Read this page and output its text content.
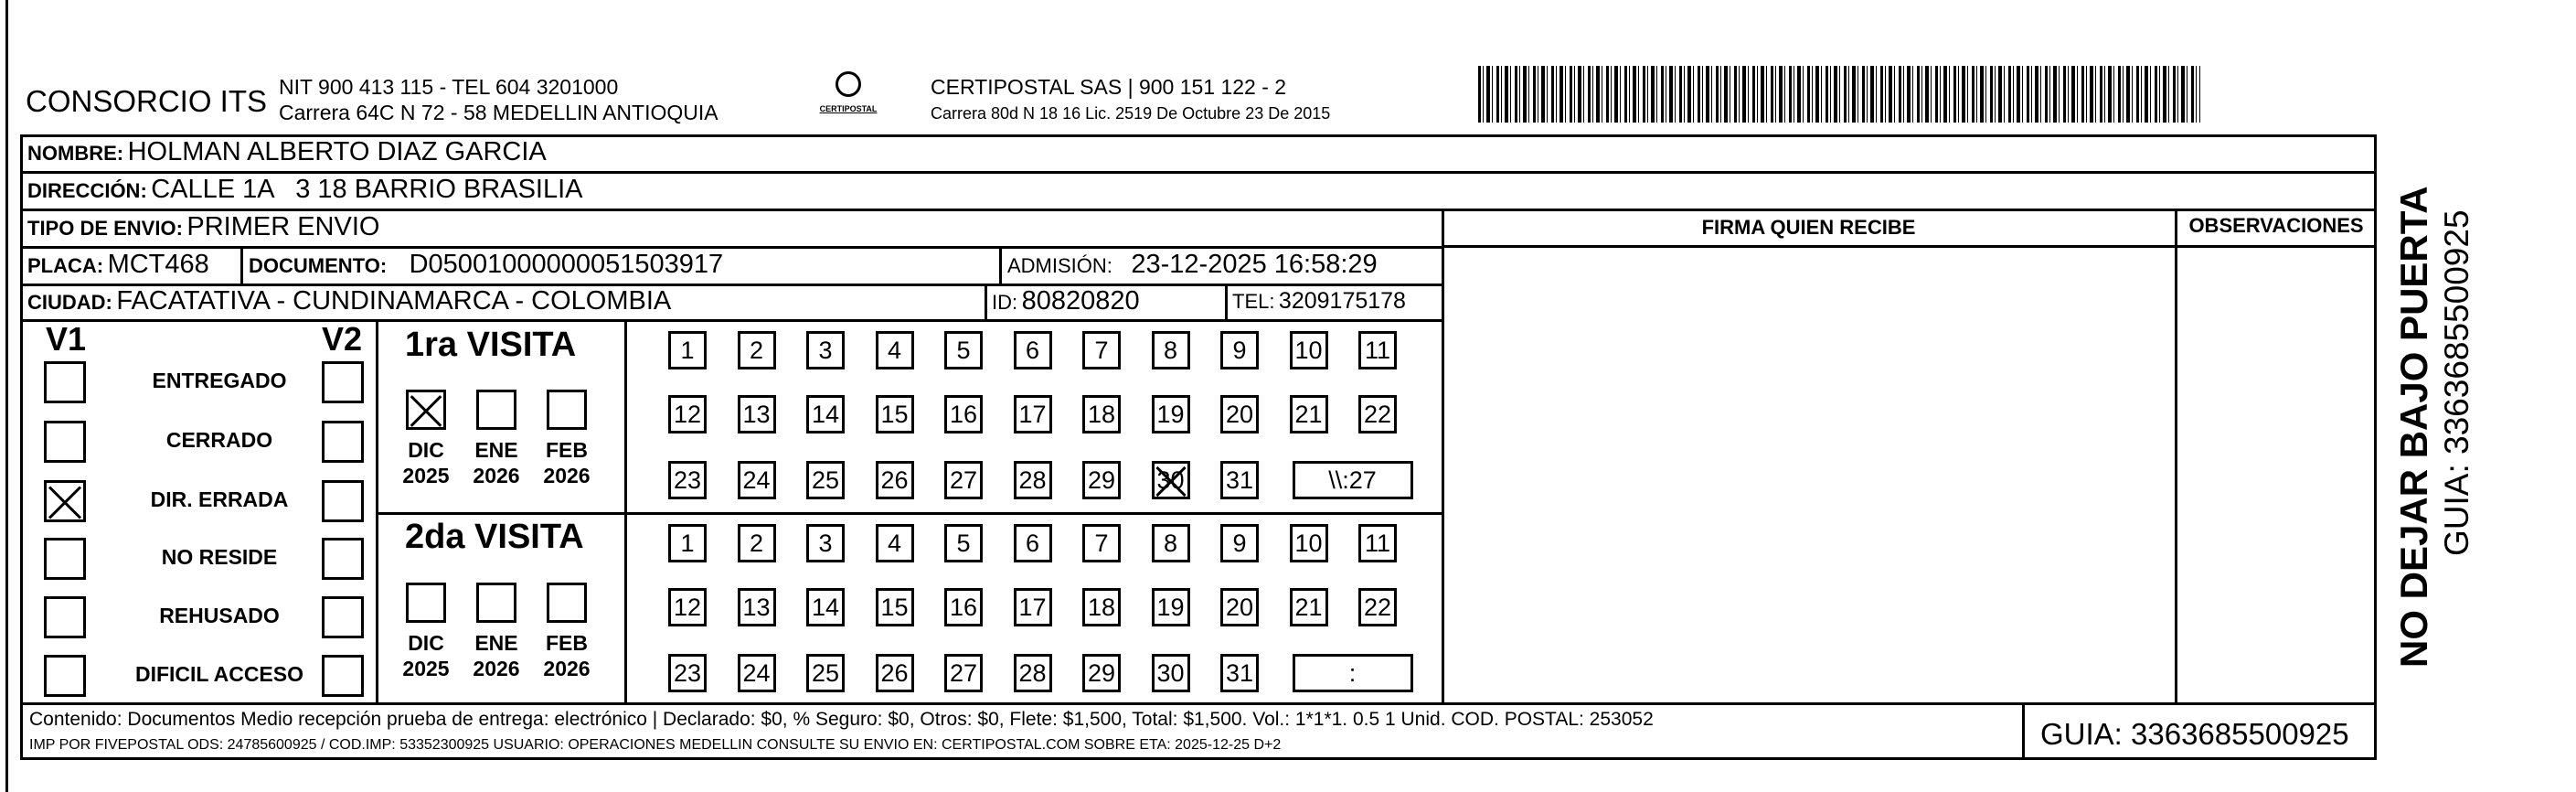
CONSORCIO ITS NIT 900 413 115 - TEL 604 3201000
Carrera 64C N 72 - 58 MEDELLIN ANTIOQUIA	CERTIPOSTAL
CERTIPOSTAL SAS | 900 151 122 - 2
Carrera 80d N 18 16 Lic. 2519 De Octubre 23 De 2015
NOMBRE: HOLMAN ALBERTO DIAZ GARCIA
DIRECCIÓN: CALLE 1A   3 18 BARRIO BRASILIA
TIPO DE ENVIO: PRIMER ENVIO
PLACA: MCT468 DOCUMENTO: D05001000000051503917	ADMISIÓN: 23-12-2025 16:58:29
CIUDAD: FACATATIVA - CUNDINAMARCA - COLOMBIA	ID: 80820820	TEL: 3209175178
FIRMA QUIEN RECIBE	OBSERVACIONES
V1	V2
ENTREGADO
CERRADO
DIR. ERRADA
NO RESIDE
REHUSADO
DIFICIL ACCESO
1ra VISITA
2da VISITA
DIC
2025
ENE
2026
FEB
2026
DIC
2025
ENE
2026
FEB
2026
1	2	3	4	5	6	7	8	9	10 11
12 13 14 15 16 17 18 19 20 21 22
23 24 25 26 27 28 29 30 31	\\:27
1	2	3	4	5	6	7	8	9	10 11
12 13 14 15 16 17 18 19 20 21 22
23 24 25 26 27 28 29 30 31	:
Contenido: Documentos Medio recepción prueba de entrega: electrónico | Declarado: $0, % Seguro: $0, Otros: $0, Flete: $1,500, Total: $1,500. Vol.: 1*1*1. 0.5 1 Unid. COD. POSTAL: 253052
IMP POR FIVEPOSTAL ODS: 24785600925 / COD.IMP: 53352300925 USUARIO: OPERACIONES MEDELLIN CONSULTE SU ENVIO EN: CERTIPOSTAL.COM SOBRE ETA: 2025-12-25 D+2	GUIA: 3363685500925
NO DEJAR BAJO PUERTA GUIA: 3363685500925
